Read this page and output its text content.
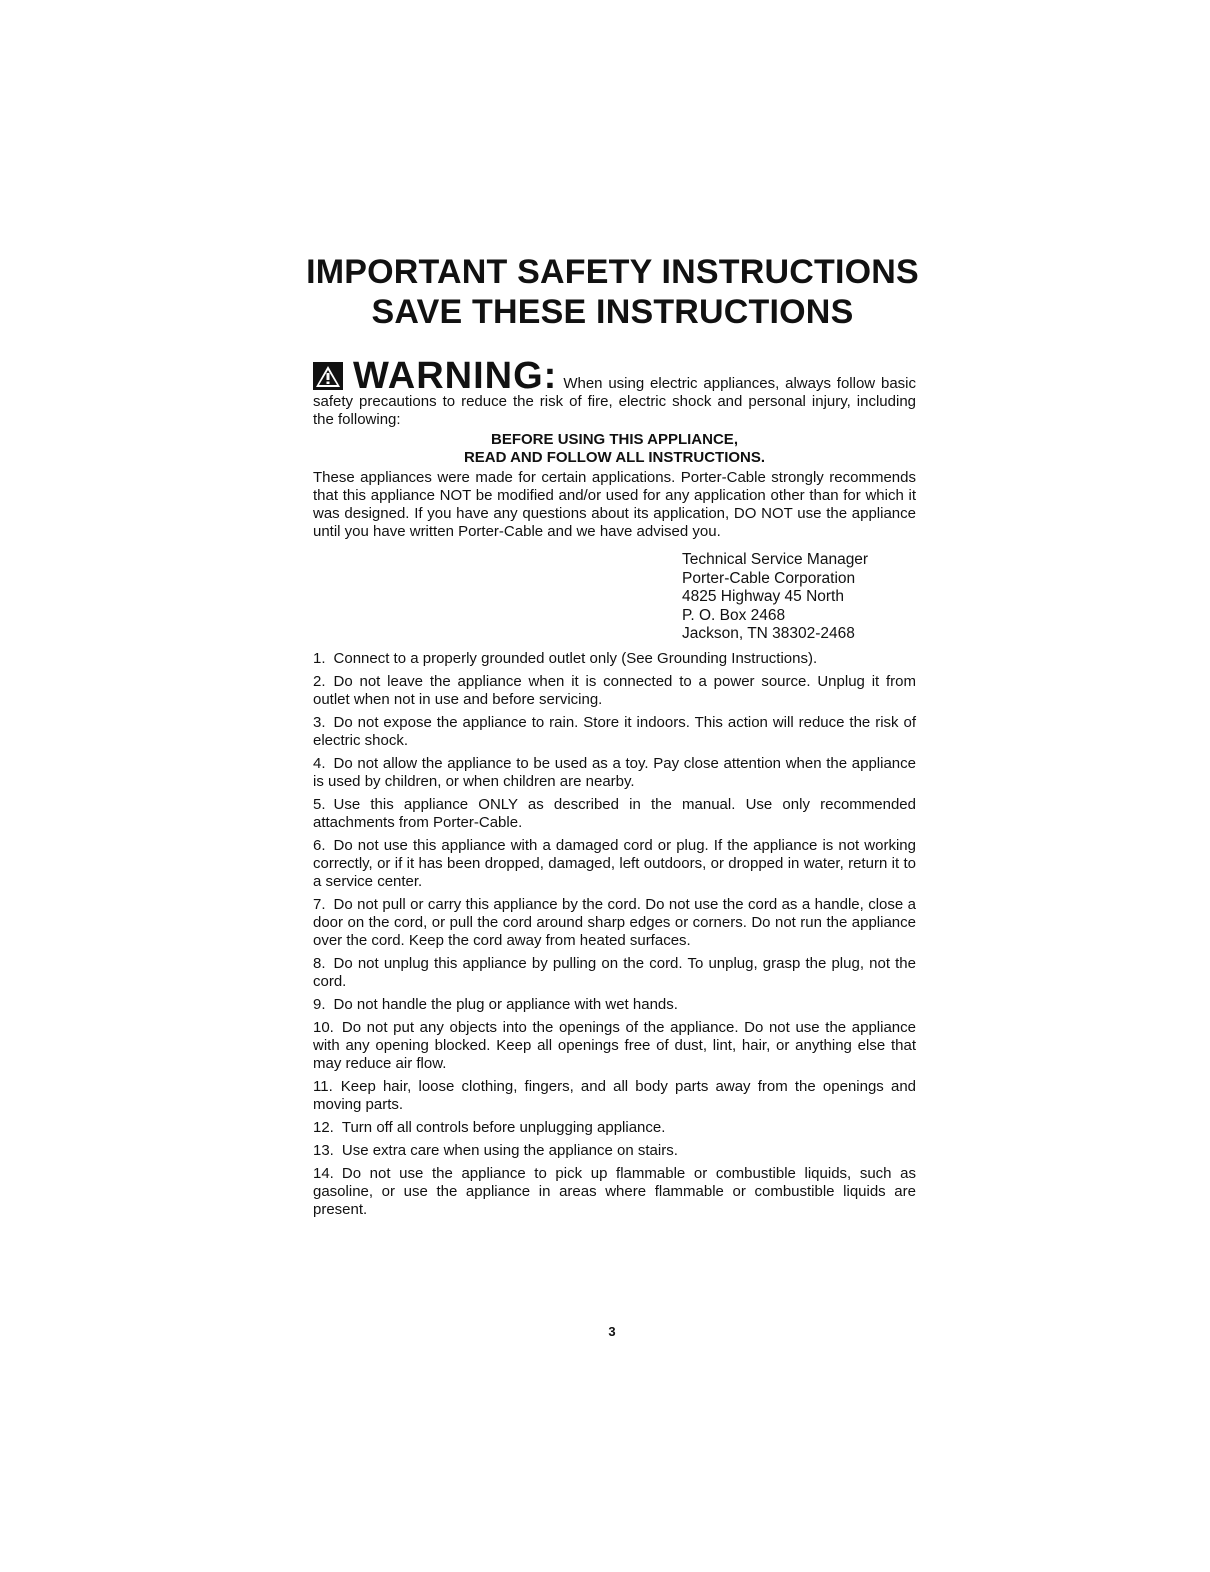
IMPORTANT SAFETY INSTRUCTIONS
SAVE THESE INSTRUCTIONS

WARNING: When using electric appliances, always follow basic safety precautions to reduce the risk of fire, electric shock and personal injury, including the following:

BEFORE USING THIS APPLIANCE,
READ AND FOLLOW ALL INSTRUCTIONS.

These appliances were made for certain applications. Porter-Cable strongly recommends that this appliance NOT be modified and/or used for any application other than for which it was designed. If you have any questions about its application, DO NOT use the appliance until you have written Porter-Cable and we have advised you.

Technical Service Manager
Porter-Cable Corporation
4825 Highway 45 North
P. O. Box 2468
Jackson, TN 38302-2468
1. Connect to a properly grounded outlet only (See Grounding Instructions).
2. Do not leave the appliance when it is connected to a power source. Unplug it from outlet when not in use and before servicing.
3. Do not expose the appliance to rain. Store it indoors. This action will reduce the risk of electric shock.
4. Do not allow the appliance to be used as a toy. Pay close attention when the appliance is used by children, or when children are nearby.
5. Use this appliance ONLY as described in the manual. Use only recommended attachments from Porter-Cable.
6. Do not use this appliance with a damaged cord or plug. If the appliance is not working correctly, or if it has been dropped, damaged, left outdoors, or dropped in water, return it to a service center.
7. Do not pull or carry this appliance by the cord. Do not use the cord as a handle, close a door on the cord, or pull the cord around sharp edges or corners. Do not run the appliance over the cord. Keep the cord away from heated surfaces.
8. Do not unplug this appliance by pulling on the cord. To unplug, grasp the plug, not the cord.
9. Do not handle the plug or appliance with wet hands.
10. Do not put any objects into the openings of the appliance. Do not use the appliance with any opening blocked. Keep all openings free of dust, lint, hair, or anything else that may reduce air flow.
11. Keep hair, loose clothing, fingers, and all body parts away from the openings and moving parts.
12. Turn off all controls before unplugging appliance.
13. Use extra care when using the appliance on stairs.
14. Do not use the appliance to pick up flammable or combustible liquids, such as gasoline, or use the appliance in areas where flammable or combustible liquids are present.
3
